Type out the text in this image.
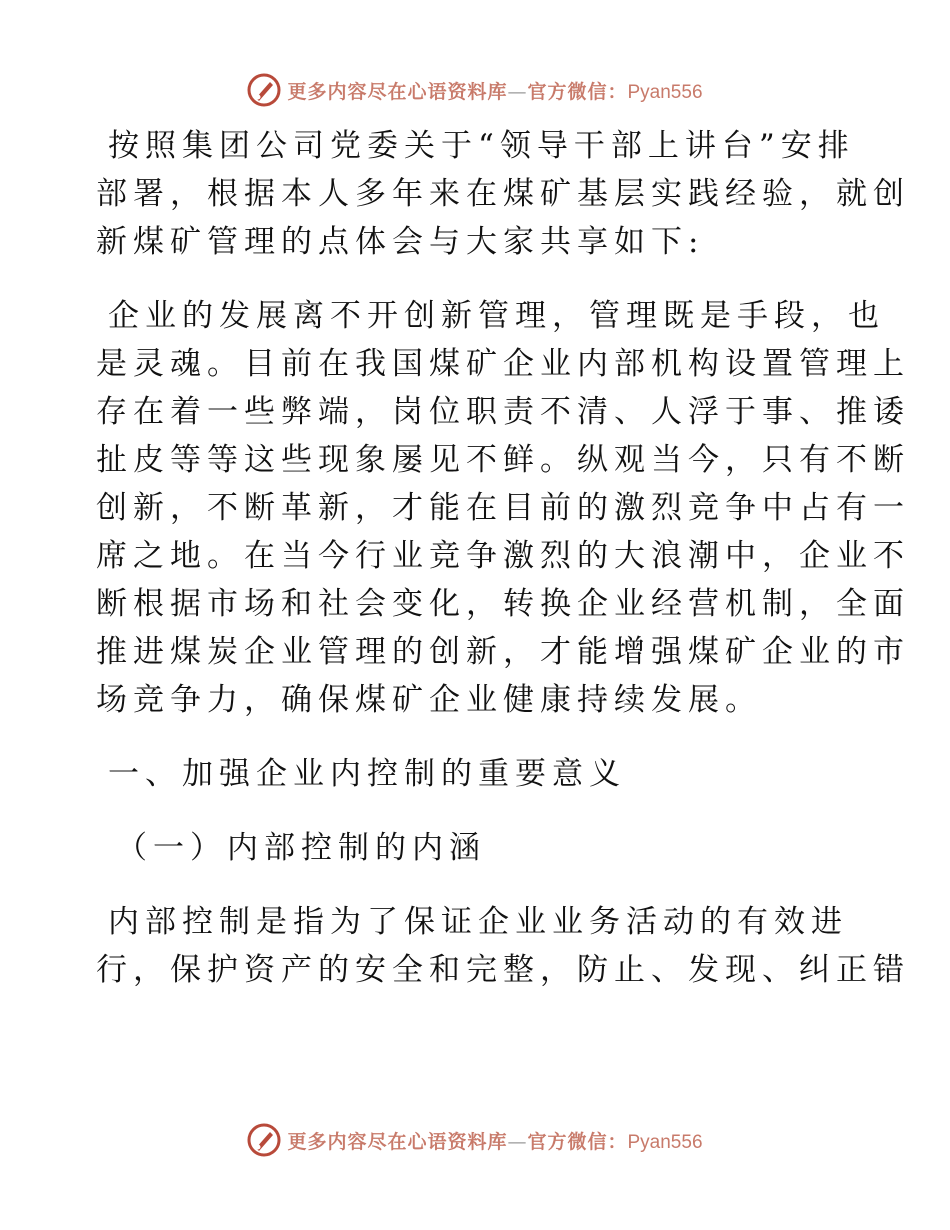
更多内容尽在心语资料库—官方微信：Pyan556
按照集团公司党委关于“领导干部上讲台”安排
部署，根据本人多年来在煤矿基层实践经验，就创
新煤矿管理的点体会与大家共享如下:
企业的发展离不开创新管理，管理既是手段，也
是灵魂。目前在我国煤矿企业内部机构设置管理上
存在着一些弊端，岗位职责不清、人浮于事、推诿
扯皮等等这些现象屡见不鲜。纵观当今，只有不断
创新，不断革新，才能在目前的激烈竞争中占有一
席之地。在当今行业竞争激烈的大浪潮中，企业不
断根据市场和社会变化，转换企业经营机制，全面
推进煤炭企业管理的创新，才能增强煤矿企业的市
场竞争力，确保煤矿企业健康持续发展。
一、加强企业内控制的重要意义
（一）内部控制的内涵
内部控制是指为了保证企业业务活动的有效进
行，保护资产的安全和完整，防止、发现、纠正错
更多内容尽在心语资料库—官方微信：Pyan556
